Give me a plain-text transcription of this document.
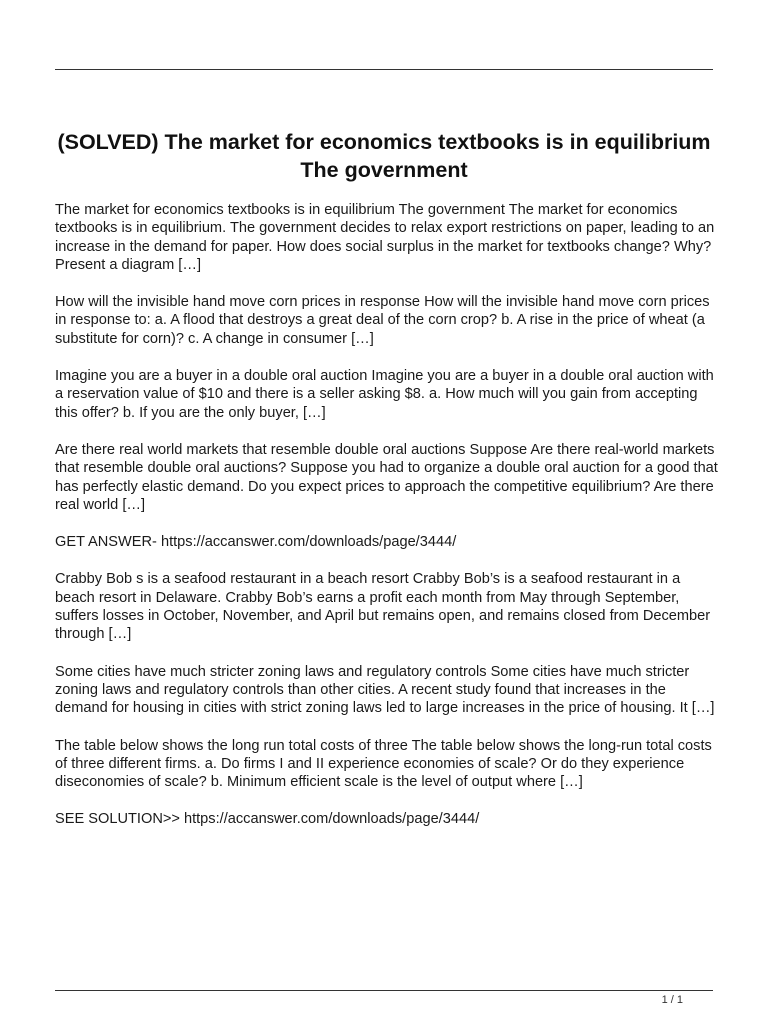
(SOLVED) The market for economics textbooks is in equilibrium The government

The market for economics textbooks is in equilibrium The government The market for economics textbooks is in equilibrium. The government decides to relax export restrictions on paper, leading to an increase in the demand for paper. How does social surplus in the market for textbooks change? Why? Present a diagram […]

How will the invisible hand move corn prices in response How will the invisible hand move corn prices in response to: a. A flood that destroys a great deal of the corn crop? b. A rise in the price of wheat (a substitute for corn)? c. A change in consumer […]

Imagine you are a buyer in a double oral auction Imagine you are a buyer in a double oral auction with a reservation value of $10 and there is a seller asking $8. a. How much will you gain from accepting this offer? b. If you are the only buyer, […]

Are there real world markets that resemble double oral auctions Suppose Are there real-world markets that resemble double oral auctions? Suppose you had to organize a double oral auction for a good that has perfectly elastic demand. Do you expect prices to approach the competitive equilibrium? Are there real world […]

GET ANSWER- https://accanswer.com/downloads/page/3444/

Crabby Bob s is a seafood restaurant in a beach resort Crabby Bob’s is a seafood restaurant in a beach resort in Delaware. Crabby Bob’s earns a profit each month from May through September, suffers losses in October, November, and April but remains open, and remains closed from December through […]

Some cities have much stricter zoning laws and regulatory controls Some cities have much stricter zoning laws and regulatory controls than other cities. A recent study found that increases in the demand for housing in cities with strict zoning laws led to large increases in the price of housing. It […]

The table below shows the long run total costs of three The table below shows the long-run total costs of three different firms. a. Do firms I and II experience economies of scale? Or do they experience diseconomies of scale? b. Minimum efficient scale is the level of output where […]

SEE SOLUTION>> https://accanswer.com/downloads/page/3444/

1 / 1
